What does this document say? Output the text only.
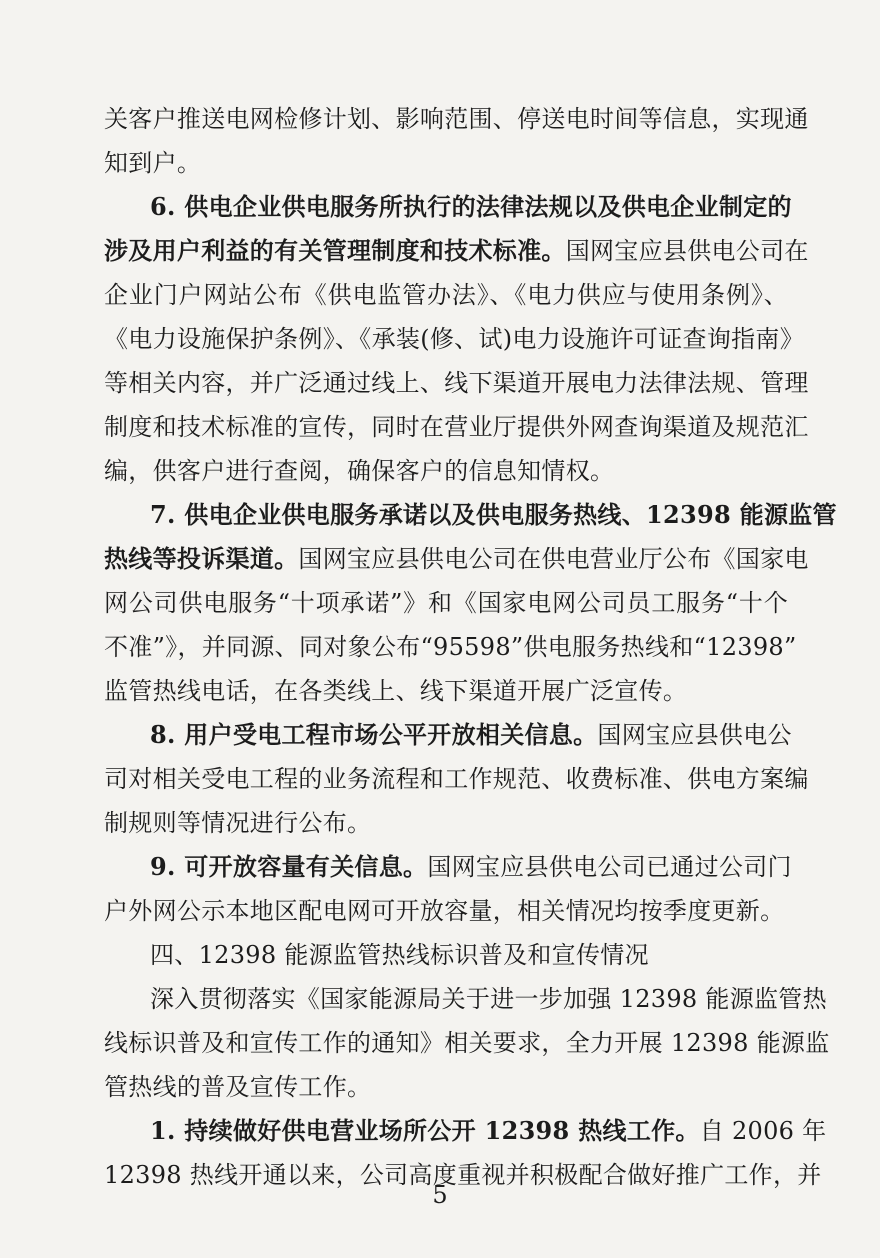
关客户推送电网检修计划、影响范围、停送电时间等信息，实现通
知到户。
6. 供电企业供电服务所执行的法律法规以及供电企业制定的
涉及用户利益的有关管理制度和技术标准。国网宝应县供电公司在
企业门户网站公布《供电监管办法》、《电力供应与使用条例》、
《电力设施保护条例》、《承装(修、试)电力设施许可证查询指南》
等相关内容，并广泛通过线上、线下渠道开展电力法律法规、管理
制度和技术标准的宣传，同时在营业厅提供外网查询渠道及规范汇
编，供客户进行查阅，确保客户的信息知情权。
7. 供电企业供电服务承诺以及供电服务热线、12398 能源监管
热线等投诉渠道。国网宝应县供电公司在供电营业厅公布《国家电
网公司供电服务“十项承诺”》和《国家电网公司员工服务“十个
不准”》，并同源、同对象公布“95598”供电服务热线和“12398”
监管热线电话，在各类线上、线下渠道开展广泛宣传。
8. 用户受电工程市场公平开放相关信息。国网宝应县供电公
司对相关受电工程的业务流程和工作规范、收费标准、供电方案编
制规则等情况进行公布。
9. 可开放容量有关信息。国网宝应县供电公司已通过公司门
户外网公示本地区配电网可开放容量，相关情况均按季度更新。
四、12398 能源监管热线标识普及和宣传情况
深入贯彻落实《国家能源局关于进一步加强 12398 能源监管热
线标识普及和宣传工作的通知》相关要求，全力开展 12398 能源监
管热线的普及宣传工作。
5
1. 持续做好供电营业场所公开 12398 热线工作。自 2006 年
12398 热线开通以来，公司高度重视并积极配合做好推广工作，并
